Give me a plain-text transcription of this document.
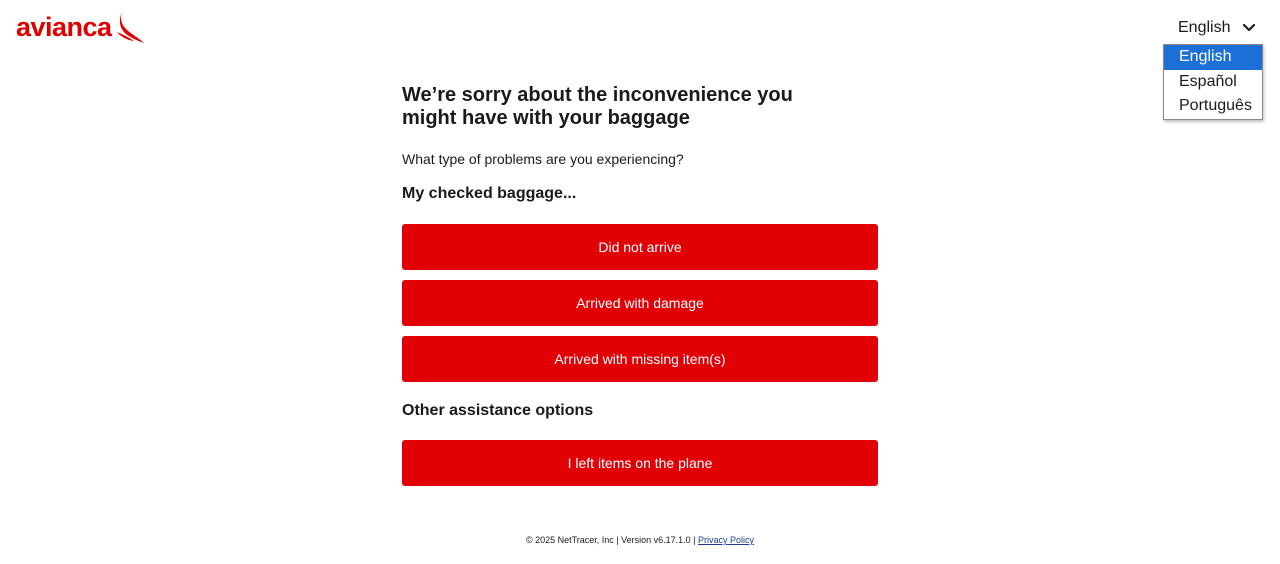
avianca	English
English
Español
Português
We’re sorry about the inconvenience you might have with your baggage

What type of problems are you experiencing?

My checked baggage...
Did not arrive
Arrived with damage
Arrived with missing item(s)
Other assistance options
I left items on the plane
© 2025 NetTracer, Inc | Version v6.17.1.0 | Privacy Policy
